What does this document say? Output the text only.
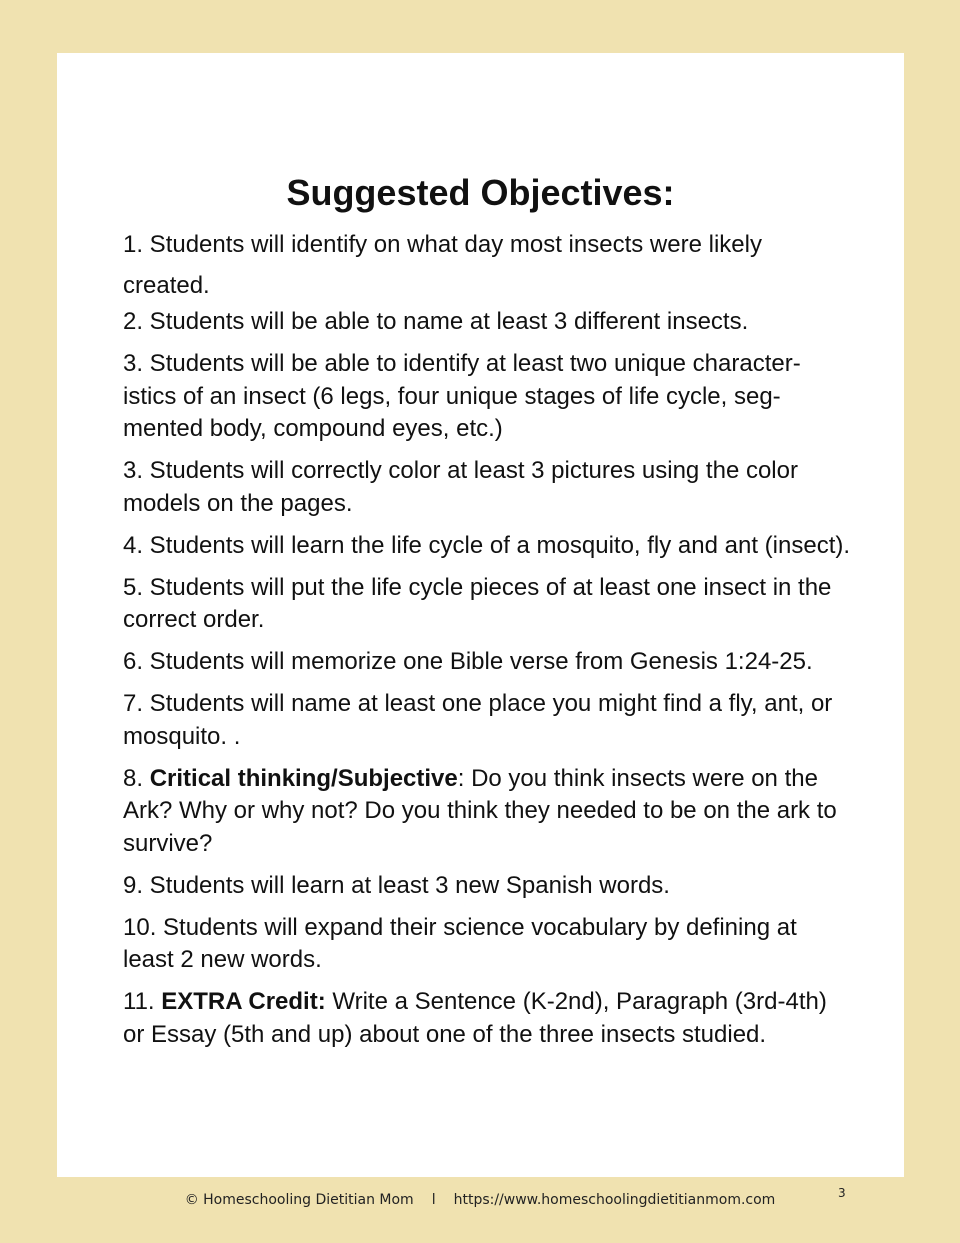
Suggested Objectives:

1. Students will identify on what day most insects were likely created.

2. Students will be able to name at least 3 different insects.

3. Students will be able to identify at least two unique character-istics of an insect (6 legs, four unique stages of life cycle, seg-mented body, compound eyes, etc.)

3. Students will correctly color at least 3 pictures using the color models on the pages.

4. Students will learn the life cycle of a mosquito, fly and ant (insect).

5. Students will put the life cycle pieces of at least one insect in the correct order.

6. Students will memorize one Bible verse from Genesis 1:24-25.

7. Students will name at least one place you might find a fly, ant, or mosquito. .

8. Critical thinking/Subjective: Do you think insects were on the Ark? Why or why not? Do you think they needed to be on the ark to survive?

9. Students will learn at least 3 new Spanish words.

10. Students will expand their science vocabulary by defining at least 2 new words.

11. EXTRA Credit: Write a Sentence (K-2nd), Paragraph (3rd-4th) or Essay (5th and up) about one of the three insects studied.

© Homeschooling Dietitian Mom l https://www.homeschoolingdietitianmom.com	3
